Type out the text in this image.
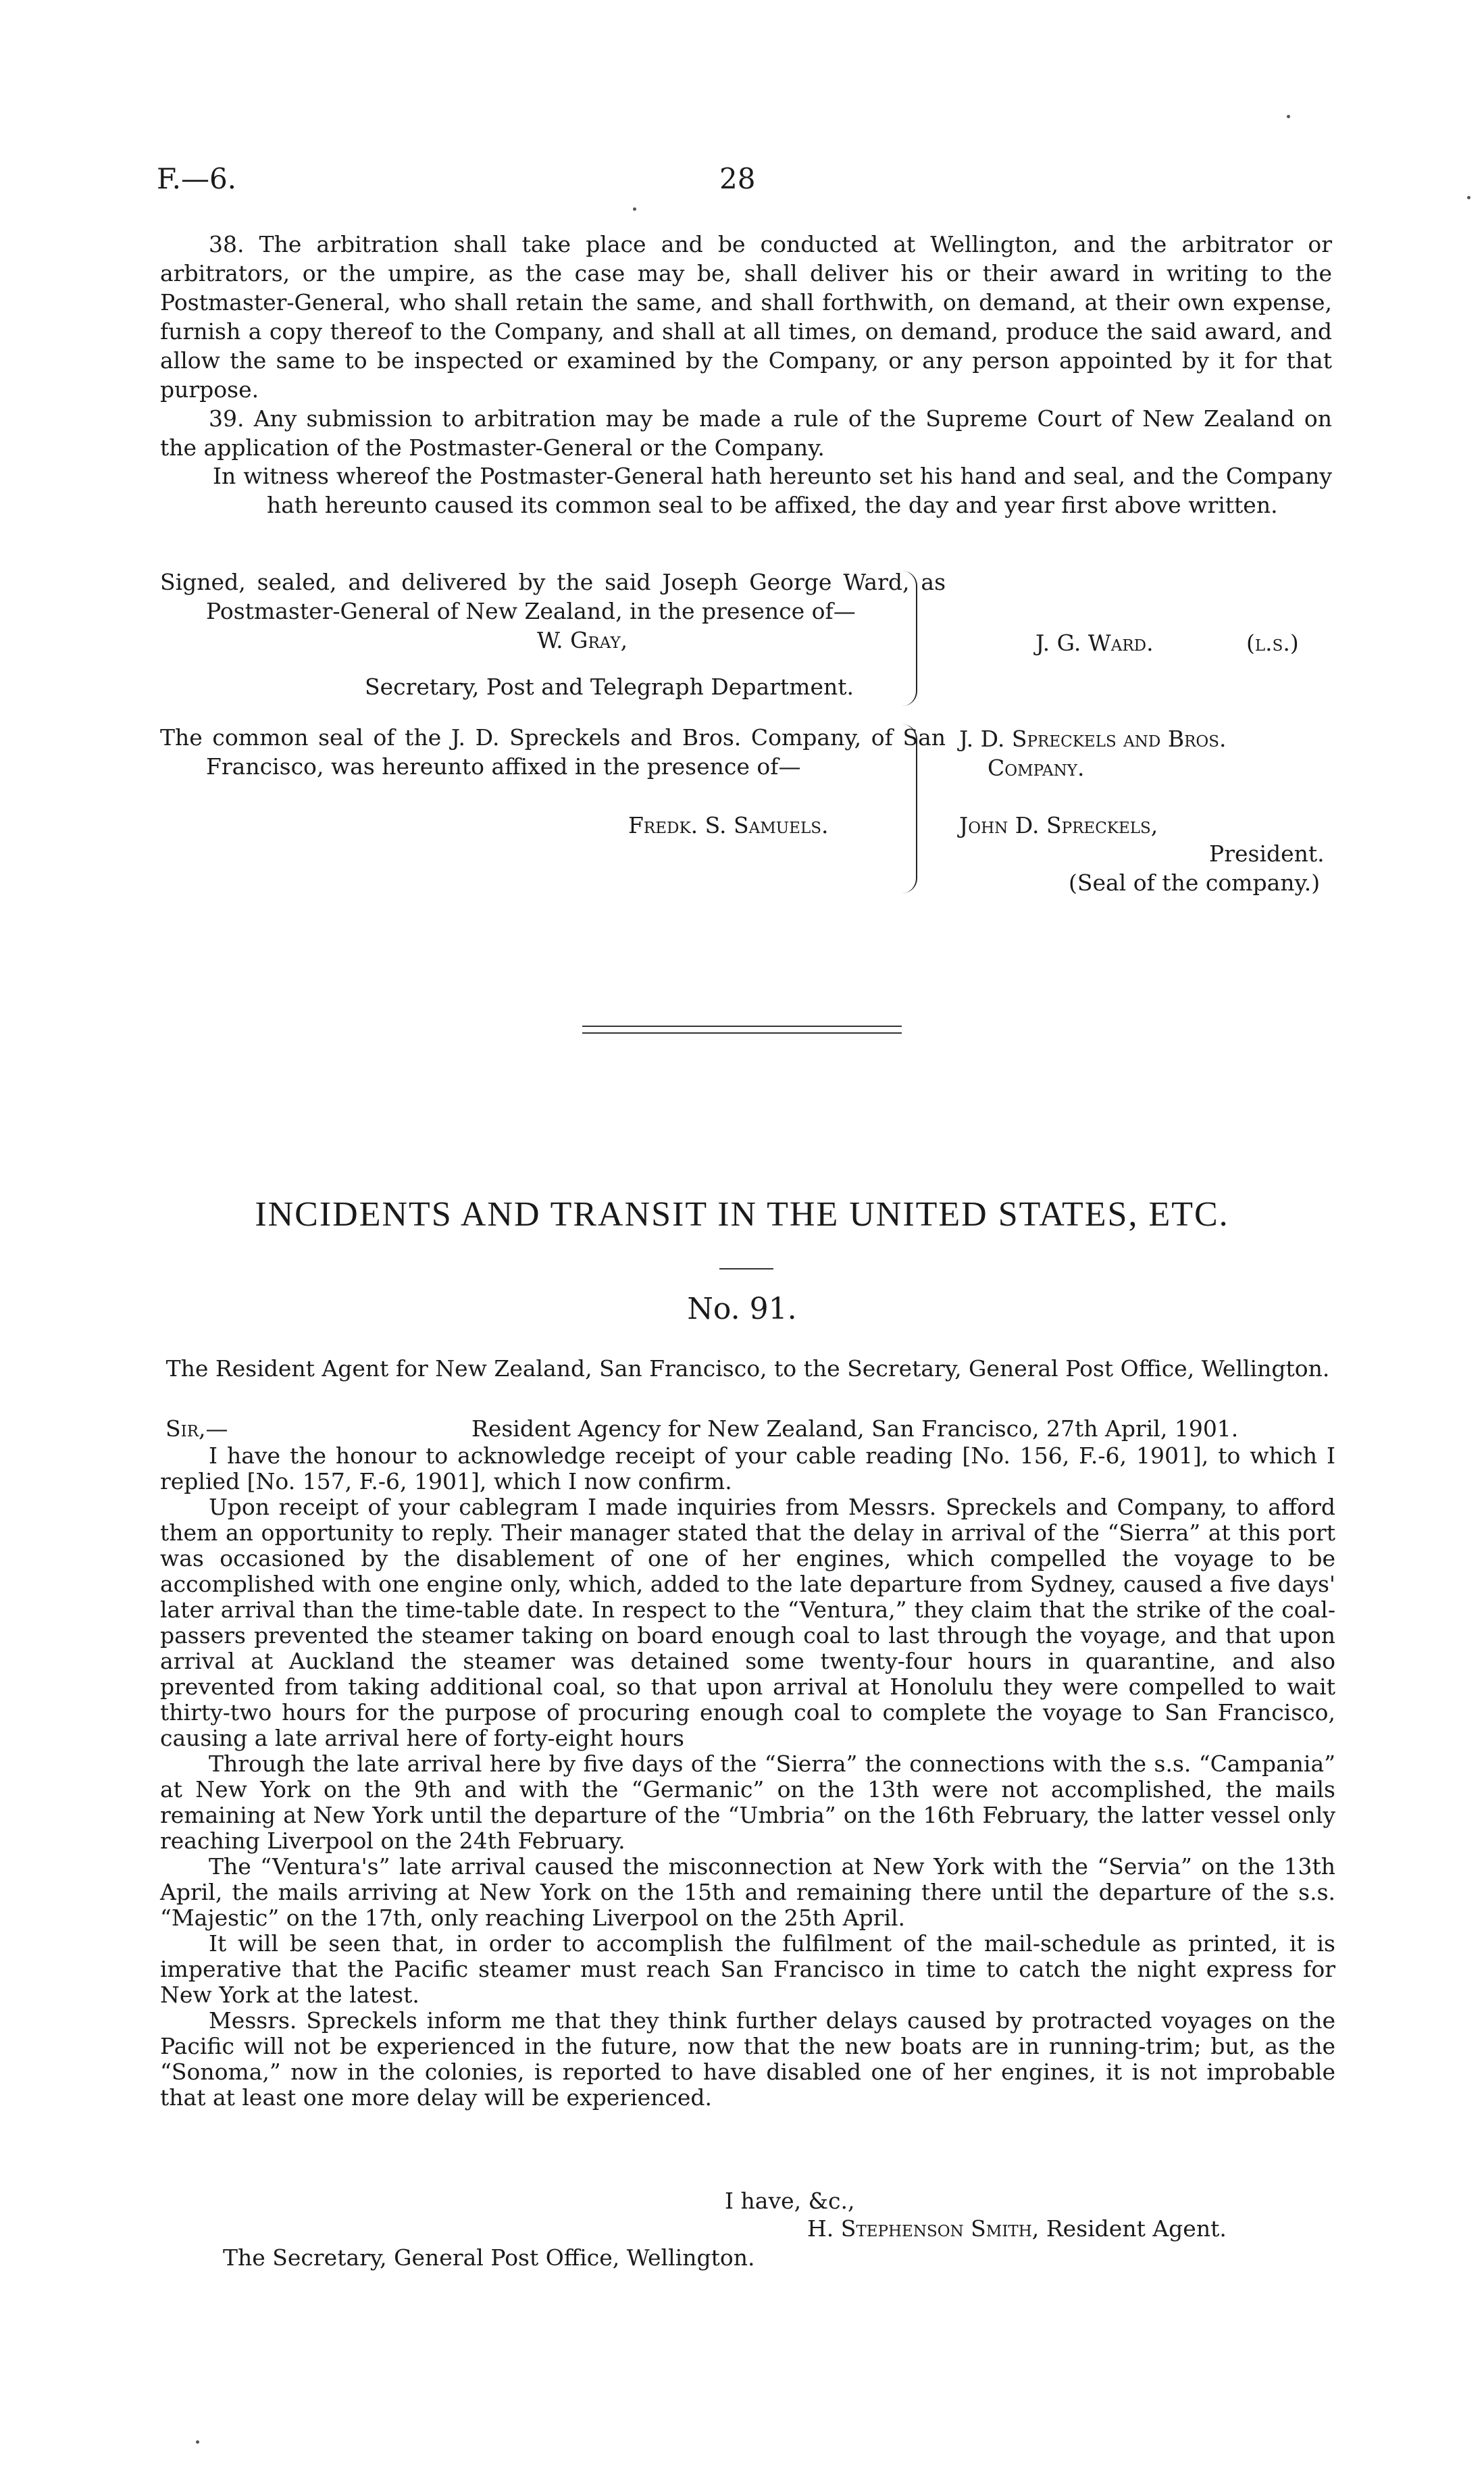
F.—6.	28

38. The arbitration shall take place and be conducted at Wellington, and the arbitrator or arbitrators, or the umpire, as the case may be, shall deliver his or their award in writing to the Postmaster-General, who shall retain the same, and shall forthwith, on demand, at their own expense, furnish a copy thereof to the Company, and shall at all times, on demand, produce the said award, and allow the same to be inspected or examined by the Company, or any person appointed by it for that purpose.

39. Any submission to arbitration may be made a rule of the Supreme Court of New Zealand on the application of the Postmaster-General or the Company.

In witness whereof the Postmaster-General hath hereunto set his hand and seal, and the Company hath hereunto caused its common seal to be affixed, the day and year first above written.
Signed, sealed, and delivered by the said Joseph George Ward, as Postmaster-General of New Zealand, in the presence of—
W. Gray,
Secretary, Post and Telegraph Department.
J. G. Ward.	(l.s.)
The common seal of the J. D. Spreckels and Bros. Company, of San Francisco, was hereunto affixed in the presence of—
Fredk. S. Samuels.
J. D. Spreckels and Bros.
Company.
John D. Spreckels,
President.
(Seal of the company.)
INCIDENTS AND TRANSIT IN THE UNITED STATES, ETC.
No. 91.
The Resident Agent for New Zealand, San Francisco, to the Secretary, General Post Office, Wellington.
Sir,—	Resident Agency for New Zealand, San Francisco, 27th April, 1901.

I have the honour to acknowledge receipt of your cable reading [No. 156, F.-6, 1901], to which I replied [No. 157, F.-6, 1901], which I now confirm.

Upon receipt of your cablegram I made inquiries from Messrs. Spreckels and Company, to afford them an opportunity to reply. Their manager stated that the delay in arrival of the “Sierra” at this port was occasioned by the disablement of one of her engines, which compelled the voyage to be accomplished with one engine only, which, added to the late departure from Sydney, caused a five days' later arrival than the time-table date. In respect to the “Ventura,” they claim that the strike of the coal-passers prevented the steamer taking on board enough coal to last through the voyage, and that upon arrival at Auckland the steamer was detained some twenty-four hours in quarantine, and also prevented from taking additional coal, so that upon arrival at Honolulu they were compelled to wait thirty-two hours for the purpose of procuring enough coal to complete the voyage to San Francisco, causing a late arrival here of forty-eight hours

Through the late arrival here by five days of the “Sierra” the connections with the s.s. “Campania” at New York on the 9th and with the “Germanic” on the 13th were not accomplished, the mails remaining at New York until the departure of the “Umbria” on the 16th February, the latter vessel only reaching Liverpool on the 24th February.

The “Ventura's” late arrival caused the misconnection at New York with the “Servia” on the 13th April, the mails arriving at New York on the 15th and remaining there until the departure of the s.s. “Majestic” on the 17th, only reaching Liverpool on the 25th April.

It will be seen that, in order to accomplish the fulfilment of the mail-schedule as printed, it is imperative that the Pacific steamer must reach San Francisco in time to catch the night express for New York at the latest.

Messrs. Spreckels inform me that they think further delays caused by protracted voyages on the Pacific will not be experienced in the future, now that the new boats are in running-trim; but, as the “Sonoma,” now in the colonies, is reported to have disabled one of her engines, it is not improbable that at least one more delay will be experienced.

I have, &c.,
H. Stephenson Smith, Resident Agent.
The Secretary, General Post Office, Wellington.
